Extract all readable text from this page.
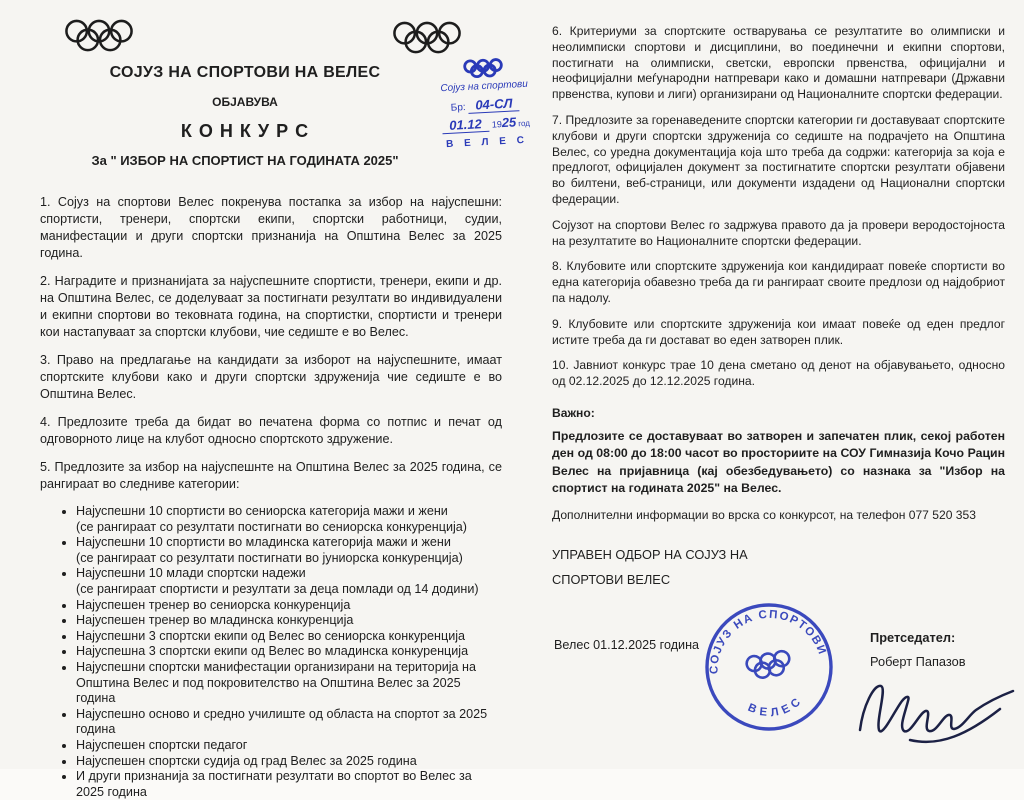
Сојуз на спортови
Бр: 04-СЛ
01.12 1925год
В Е Л Е С
СОЈУЗ НА СПОРТОВИ НА ВЕЛЕС
ОБЈАВУВА
К О Н К У Р С
За " ИЗБОР НА СПОРТИСТ НА ГОДИНАТА 2025"

1. Сојуз на спортови Велес покренува постапка за избор на најуспешни: спортисти, тренери, спортски екипи, спортски работници, судии, манифестации и други спортски признанија на Општина Велес за 2025 година.

2. Наградите и признанијата за најуспешните спортисти, тренери, екипи и др. на Општина Велес, се доделуваат за постигнати резултати во индивидуалени и екипни спортови во тековната година, на спортистки, спортисти и тренери кои настапуваат за спортски клубови, чие седиште е во Велес.

3. Право на предлагање на кандидати за изборот на најуспешните, имаат спортските клубови како и други спортски здруженија чие седиште е во Општина Велес.

4. Предлозите треба да бидат во печатена форма со потпис и печат од одговорното лице на клубот односно спортското здружение.

5. Предлозите за избор на најуспешнте на Општина Велес за 2025 година, се рангираат во следниве категории:

• Најуспешни 10 спортисти во сениорска категорија мажи и жени
(се рангираат со резултати постигнати во сениорска конкуренција)
• Најуспешни 10 спортисти во младинска категорија мажи и жени
(се рангираат со резултати постигнати во јуниорска конкуренција)
• Најуспешни 10 млади спортски надежи
(се рангираат спортисти и резултати за деца помлади од 14 додини)
• Најуспешен тренер во сениорска конкуренција
• Најуспешен тренер во младинска конкуренција
• Најуспешни 3 спортски екипи од Велес во сениорска конкуренција
• Најуспешна 3 спортски екипи од Велес во младинска конкуренција
• Најуспешни спортски манифестации организирани на територија на Општина Велес и под покровителство на Општина Велес за 2025 година
• Најуспешно осново и средно училиште од областа на спортот за 2025 година
• Најуспешен спортски педагог
• Најуспешен спортски судија од град Велес за 2025 година
• И други признанија за постигнати резултати во спортот во Велес за 2025 година

6. Критериуми за спортските остварувања се резултатите во олимписки и неолимписки спортови и дисциплини, во поединечни и екипни спортови, постигнати на олимписки, светски, европски првенства, официјални и неофицијални меѓународни натпревари како и домашни натпревари (Државни првенства, купови и лиги) организирани од Националните спортски федерации.

7. Предлозите за горенаведените спортски категории ги доставуваат спортските клубови и други спортски здруженија со седиште на подрачјето на Општина Велес, со уредна документација која што треба да содржи: категорија за која е предлогот, официјален документ за постигнатите спортски резултати објавени во билтени, веб-страници, или документи издадени од Национални спортски федерации.

Сојузот на спортови Велес го задржува правото да ја провери веродостојноста на резултатите во Националните спортски федерации.

8. Клубовите или спортските здруженија кои кандидираат повеќе спортисти во една категорија обавезно треба да ги рангираат своите предлози од најдобриот па надолу.

9. Клубовите или спортските здруженија кои имаат повеќе од еден предлог истите треба да ги достават во еден затворен плик.

10. Јавниот конкурс трае 10 дена сметано од денот на објавувањето, односно од 02.12.2025 до 12.12.2025 година.

Важно:

Предлозите се доставуваат во затворен и запечатен плик, секој работен ден од 08:00 до 18:00 часот во просториите на СОУ Гимназија Кочо Рацин Велес на пријавница (кај обезбедувањето) со назнака за "Избор на спортист на годината 2025" на Велес.

Дополнителни информации во врска со конкурсот, на телефон 077 520 353

УПРАВЕН ОДБОР НА СОЈУЗ НА
СПОРТОВИ ВЕЛЕС
Велес 01.12.2025 година
СОЈУЗ НА СПОРТОВИ
ВЕЛЕС
Претседател:
Роберт Папазов
